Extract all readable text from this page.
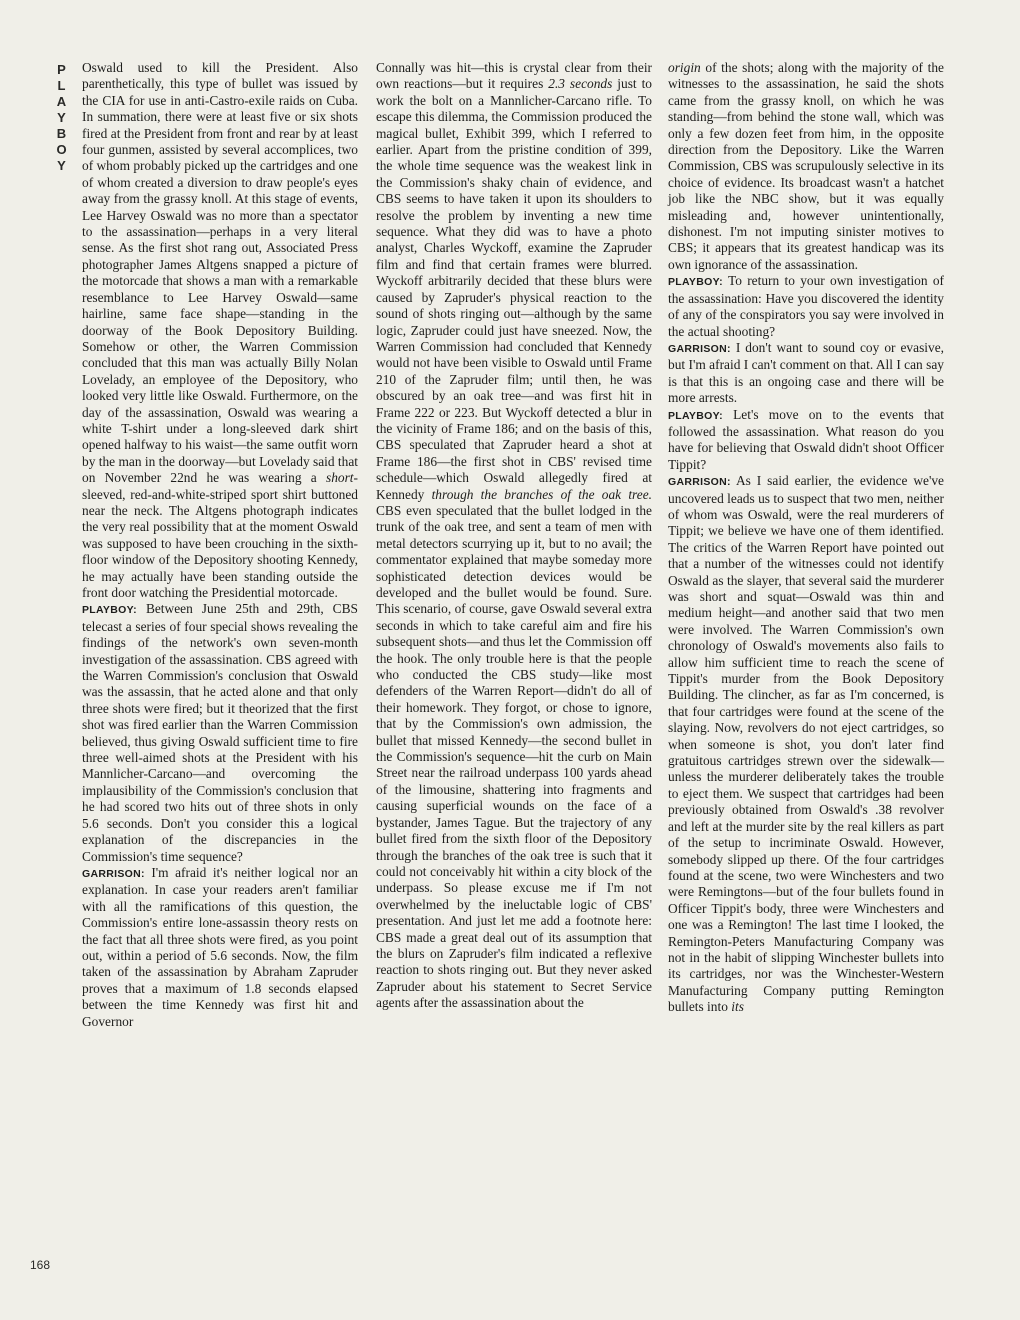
PLAYBOY Oswald used to kill the President. Also parenthetically, this type of bullet was issued by the CIA for use in anti-Castro-exile raids on Cuba. In summation, there were at least five or six shots fired at the President from front and rear by at least four gunmen, assisted by several accomplices, two of whom probably picked up the cartridges and one of whom created a diversion to draw people's eyes away from the grassy knoll. At this stage of events, Lee Harvey Oswald was no more than a spectator to the assassination—perhaps in a very literal sense. As the first shot rang out, Associated Press photographer James Altgens snapped a picture of the motorcade that shows a man with a remarkable resemblance to Lee Harvey Oswald—same hairline, same face shape—standing in the doorway of the Book Depository Building. Somehow or other, the Warren Commission concluded that this man was actually Billy Nolan Lovelady, an employee of the Depository, who looked very little like Oswald. Furthermore, on the day of the assassination, Oswald was wearing a white T-shirt under a long-sleeved dark shirt opened halfway to his waist—the same outfit worn by the man in the doorway—but Lovelady said that on November 22nd he was wearing a short-sleeved, red-and-white-striped sport shirt buttoned near the neck. The Altgens photograph indicates the very real possibility that at the moment Oswald was supposed to have been crouching in the sixth-floor window of the Depository shooting Kennedy, he may actually have been standing outside the front door watching the Presidential motorcade.

PLAYBOY: Between June 25th and 29th, CBS telecast a series of four special shows revealing the findings of the network's own seven-month investigation of the assassination. CBS agreed with the Warren Commission's conclusion that Oswald was the assassin, that he acted alone and that only three shots were fired; but it theorized that the first shot was fired earlier than the Warren Commission believed, thus giving Oswald sufficient time to fire three well-aimed shots at the President with his Mannlicher-Carcano—and overcoming the implausibility of the Commission's conclusion that he had scored two hits out of three shots in only 5.6 seconds. Don't you consider this a logical explanation of the discrepancies in the Commission's time sequence?

GARRISON: I'm afraid it's neither logical nor an explanation. In case your readers aren't familiar with all the ramifications of this question, the Commission's entire lone-assassin theory rests on the fact that all three shots were fired, as you point out, within a period of 5.6 seconds. Now, the film taken of the assassination by Abraham Zapruder proves that a maximum of 1.8 seconds elapsed between the time Kennedy was first hit and Governor

Connally was hit—this is crystal clear from their own reactions—but it requires 2.3 seconds just to work the bolt on a Mannlicher-Carcano rifle. To escape this dilemma, the Commission produced the magical bullet, Exhibit 399, which I referred to earlier. Apart from the pristine condition of 399, the whole time sequence was the weakest link in the Commission's shaky chain of evidence, and CBS seems to have taken it upon its shoulders to resolve the problem by inventing a new time sequence. What they did was to have a photo analyst, Charles Wyckoff, examine the Zapruder film and find that certain frames were blurred. Wyckoff arbitrarily decided that these blurs were caused by Zapruder's physical reaction to the sound of shots ringing out—although by the same logic, Zapruder could just have sneezed. Now, the Warren Commission had concluded that Kennedy would not have been visible to Oswald until Frame 210 of the Zapruder film; until then, he was obscured by an oak tree—and was first hit in Frame 222 or 223. But Wyckoff detected a blur in the vicinity of Frame 186; and on the basis of this, CBS speculated that Zapruder heard a shot at Frame 186—the first shot in CBS' revised time schedule—which Oswald allegedly fired at Kennedy through the branches of the oak tree. CBS even speculated that the bullet lodged in the trunk of the oak tree, and sent a team of men with metal detectors scurrying up it, but to no avail; the commentator explained that maybe someday more sophisticated detection devices would be developed and the bullet would be found. Sure. This scenario, of course, gave Oswald several extra seconds in which to take careful aim and fire his subsequent shots—and thus let the Commission off the hook. The only trouble here is that the people who conducted the CBS study—like most defenders of the Warren Report—didn't do all of their homework. They forgot, or chose to ignore, that by the Commission's own admission, the bullet that missed Kennedy—the second bullet in the Commission's sequence—hit the curb on Main Street near the railroad underpass 100 yards ahead of the limousine, shattering into fragments and causing superficial wounds on the face of a bystander, James Tague. But the trajectory of any bullet fired from the sixth floor of the Depository through the branches of the oak tree is such that it could not conceivably hit within a city block of the underpass. So please excuse me if I'm not overwhelmed by the ineluctable logic of CBS' presentation. And just let me add a footnote here: CBS made a great deal out of its assumption that the blurs on Zapruder's film indicated a reflexive reaction to shots ringing out. But they never asked Zapruder about his statement to Secret Service agents after the assassination about the

origin of the shots; along with the majority of the witnesses to the assassination, he said the shots came from the grassy knoll, on which he was standing—from behind the stone wall, which was only a few dozen feet from him, in the opposite direction from the Depository. Like the Warren Commission, CBS was scrupulously selective in its choice of evidence. Its broadcast wasn't a hatchet job like the NBC show, but it was equally misleading and, however unintentionally, dishonest. I'm not imputing sinister motives to CBS; it appears that its greatest handicap was its own ignorance of the assassination.

PLAYBOY: To return to your own investigation of the assassination: Have you discovered the identity of any of the conspirators you say were involved in the actual shooting?

GARRISON: I don't want to sound coy or evasive, but I'm afraid I can't comment on that. All I can say is that this is an ongoing case and there will be more arrests.

PLAYBOY: Let's move on to the events that followed the assassination. What reason do you have for believing that Oswald didn't shoot Officer Tippit?

GARRISON: As I said earlier, the evidence we've uncovered leads us to suspect that two men, neither of whom was Oswald, were the real murderers of Tippit; we believe we have one of them identified. The critics of the Warren Report have pointed out that a number of the witnesses could not identify Oswald as the slayer, that several said the murderer was short and squat—Oswald was thin and medium height—and another said that two men were involved. The Warren Commission's own chronology of Oswald's movements also fails to allow him sufficient time to reach the scene of Tippit's murder from the Book Depository Building. The clincher, as far as I'm concerned, is that four cartridges were found at the scene of the slaying. Now, revolvers do not eject cartridges, so when someone is shot, you don't later find gratuitous cartridges strewn over the sidewalk—unless the murderer deliberately takes the trouble to eject them. We suspect that cartridges had been previously obtained from Oswald's .38 revolver and left at the murder site by the real killers as part of the setup to incriminate Oswald. However, somebody slipped up there. Of the four cartridges found at the scene, two were Winchesters and two were Remingtons—but of the four bullets found in Officer Tippit's body, three were Winchesters and one was a Remington! The last time I looked, the Remington-Peters Manufacturing Company was not in the habit of slipping Winchester bullets into its cartridges, nor was the Winchester-Western Manufacturing Company putting Remington bullets into its

168
